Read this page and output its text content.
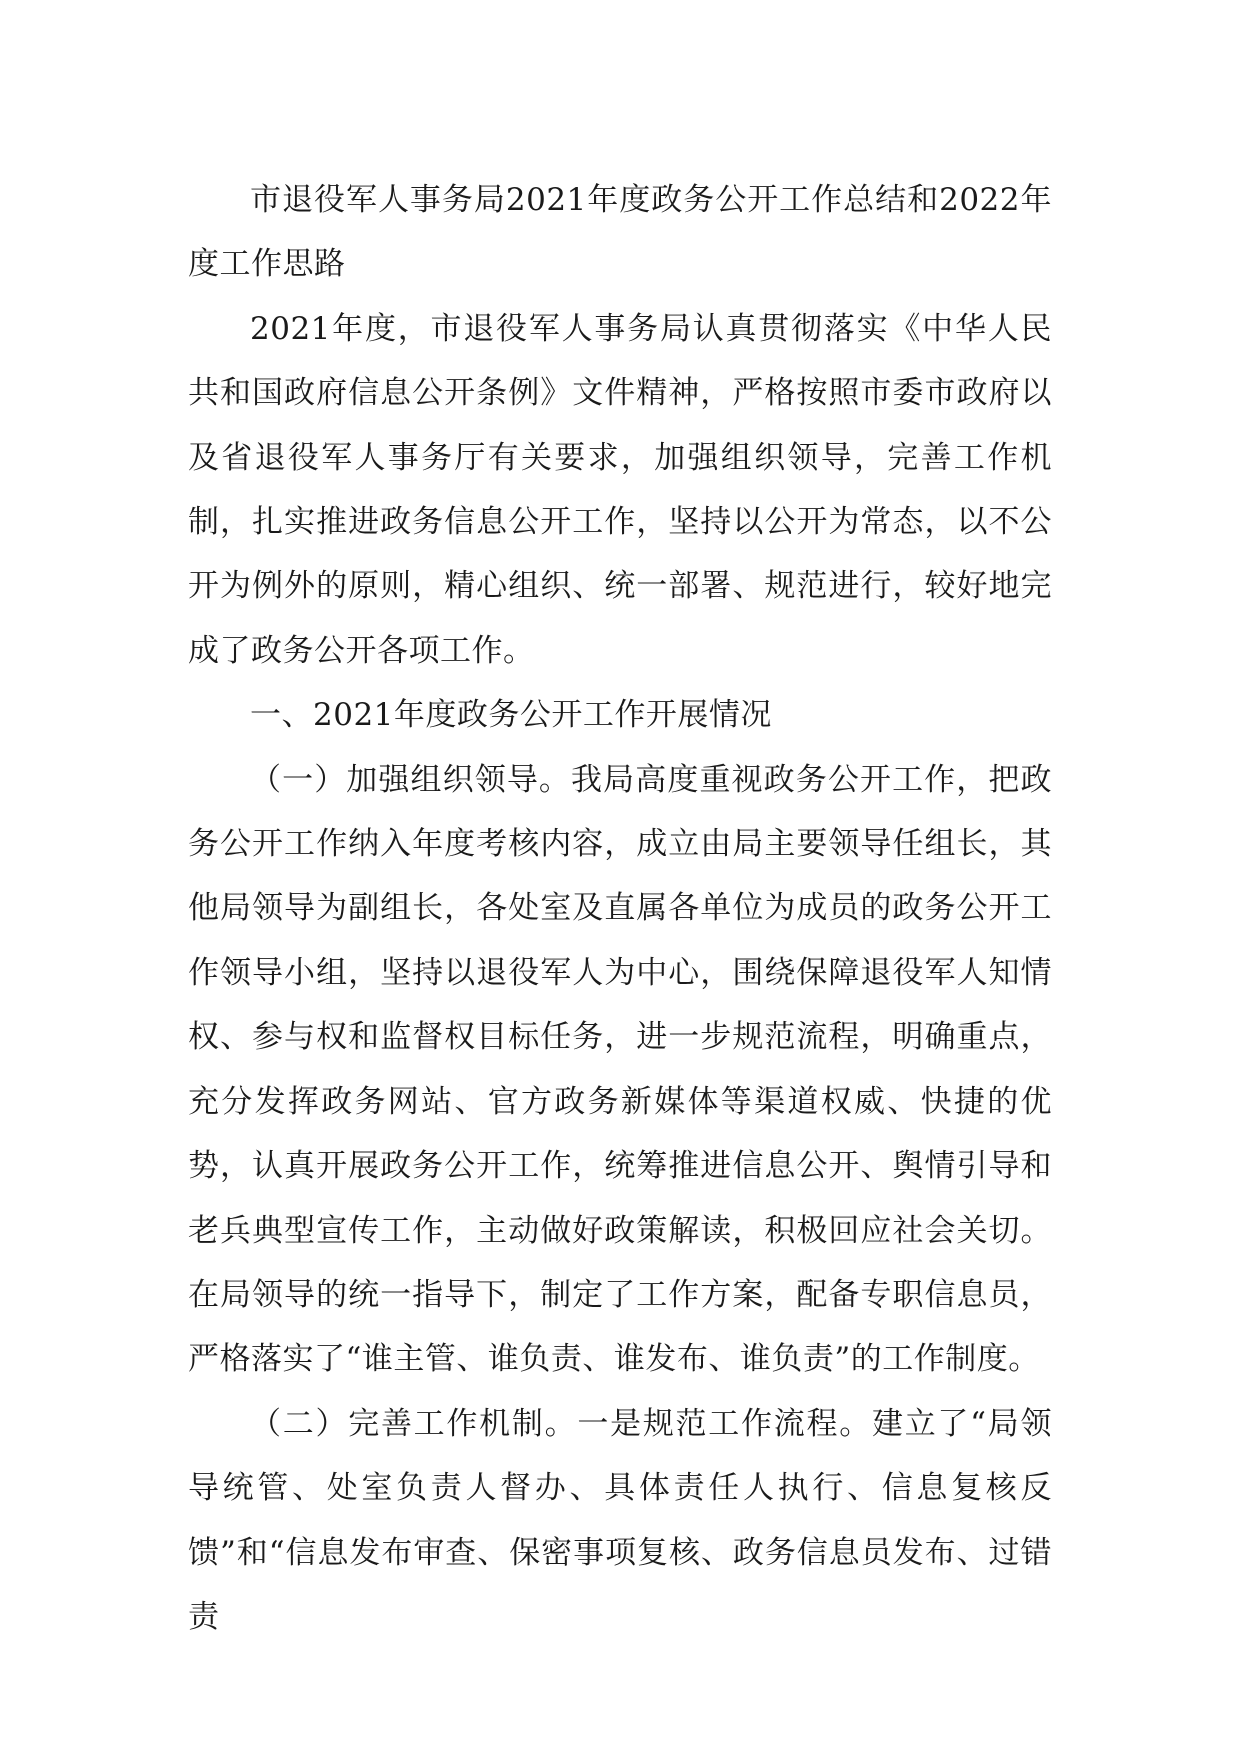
市退役军人事务局2021年度政务公开工作总结和2022年度工作思路

2021年度，市退役军人事务局认真贯彻落实《中华人民共和国政府信息公开条例》文件精神，严格按照市委市政府以及省退役军人事务厅有关要求，加强组织领导，完善工作机制，扎实推进政务信息公开工作，坚持以公开为常态，以不公开为例外的原则，精心组织、统一部署、规范进行，较好地完成了政务公开各项工作。

一、2021年度政务公开工作开展情况

（一）加强组织领导。我局高度重视政务公开工作，把政务公开工作纳入年度考核内容，成立由局主要领导任组长，其他局领导为副组长，各处室及直属各单位为成员的政务公开工作领导小组，坚持以退役军人为中心，围绕保障退役军人知情权、参与权和监督权目标任务，进一步规范流程，明确重点，充分发挥政务网站、官方政务新媒体等渠道权威、快捷的优势，认真开展政务公开工作，统筹推进信息公开、舆情引导和老兵典型宣传工作，主动做好政策解读，积极回应社会关切。在局领导的统一指导下，制定了工作方案，配备专职信息员，严格落实了“谁主管、谁负责、谁发布、谁负责”的工作制度。

（二）完善工作机制。一是规范工作流程。建立了“局领导统管、处室负责人督办、具体责任人执行、信息复核反馈”和“信息发布审查、保密事项复核、政务信息员发布、过错责
